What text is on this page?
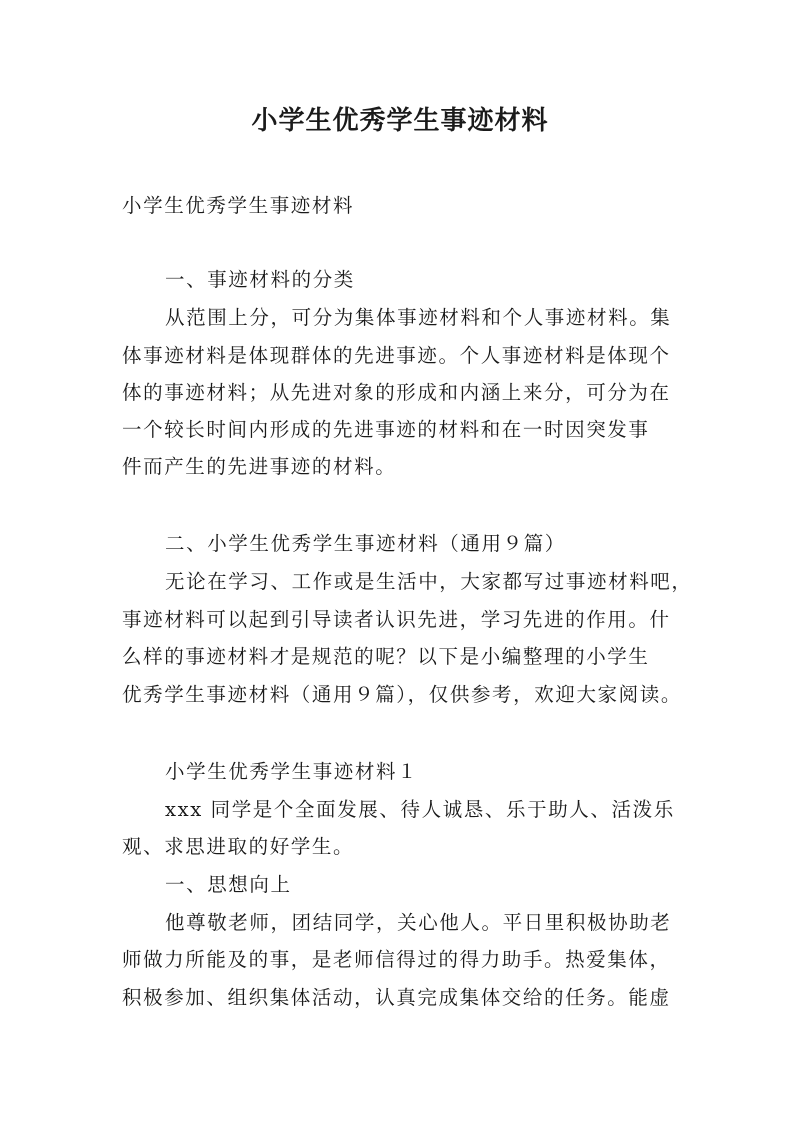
小学生优秀学生事迹材料

小学生优秀学生事迹材料

一、事迹材料的分类

从范围上分，可分为集体事迹材料和个人事迹材料。集

体事迹材料是体现群体的先进事迹。个人事迹材料是体现个

体的事迹材料；从先进对象的形成和内涵上来分，可分为在

一个较长时间内形成的先进事迹的材料和在一时因突发事

件而产生的先进事迹的材料。

二、小学生优秀学生事迹材料（通用９篇）

无论在学习、工作或是生活中，大家都写过事迹材料吧，

事迹材料可以起到引导读者认识先进，学习先进的作用。什

么样的事迹材料才是规范的呢？以下是小编整理的小学生

优秀学生事迹材料（通用９篇），仅供参考，欢迎大家阅读。

小学生优秀学生事迹材料１

xxx 同学是个全面发展、待人诚恳、乐于助人、活泼乐

观、求思进取的好学生。

一、思想向上

他尊敬老师，团结同学，关心他人。平日里积极协助老

师做力所能及的事，是老师信得过的得力助手。热爱集体，

积极参加、组织集体活动，认真完成集体交给的任务。能虚
